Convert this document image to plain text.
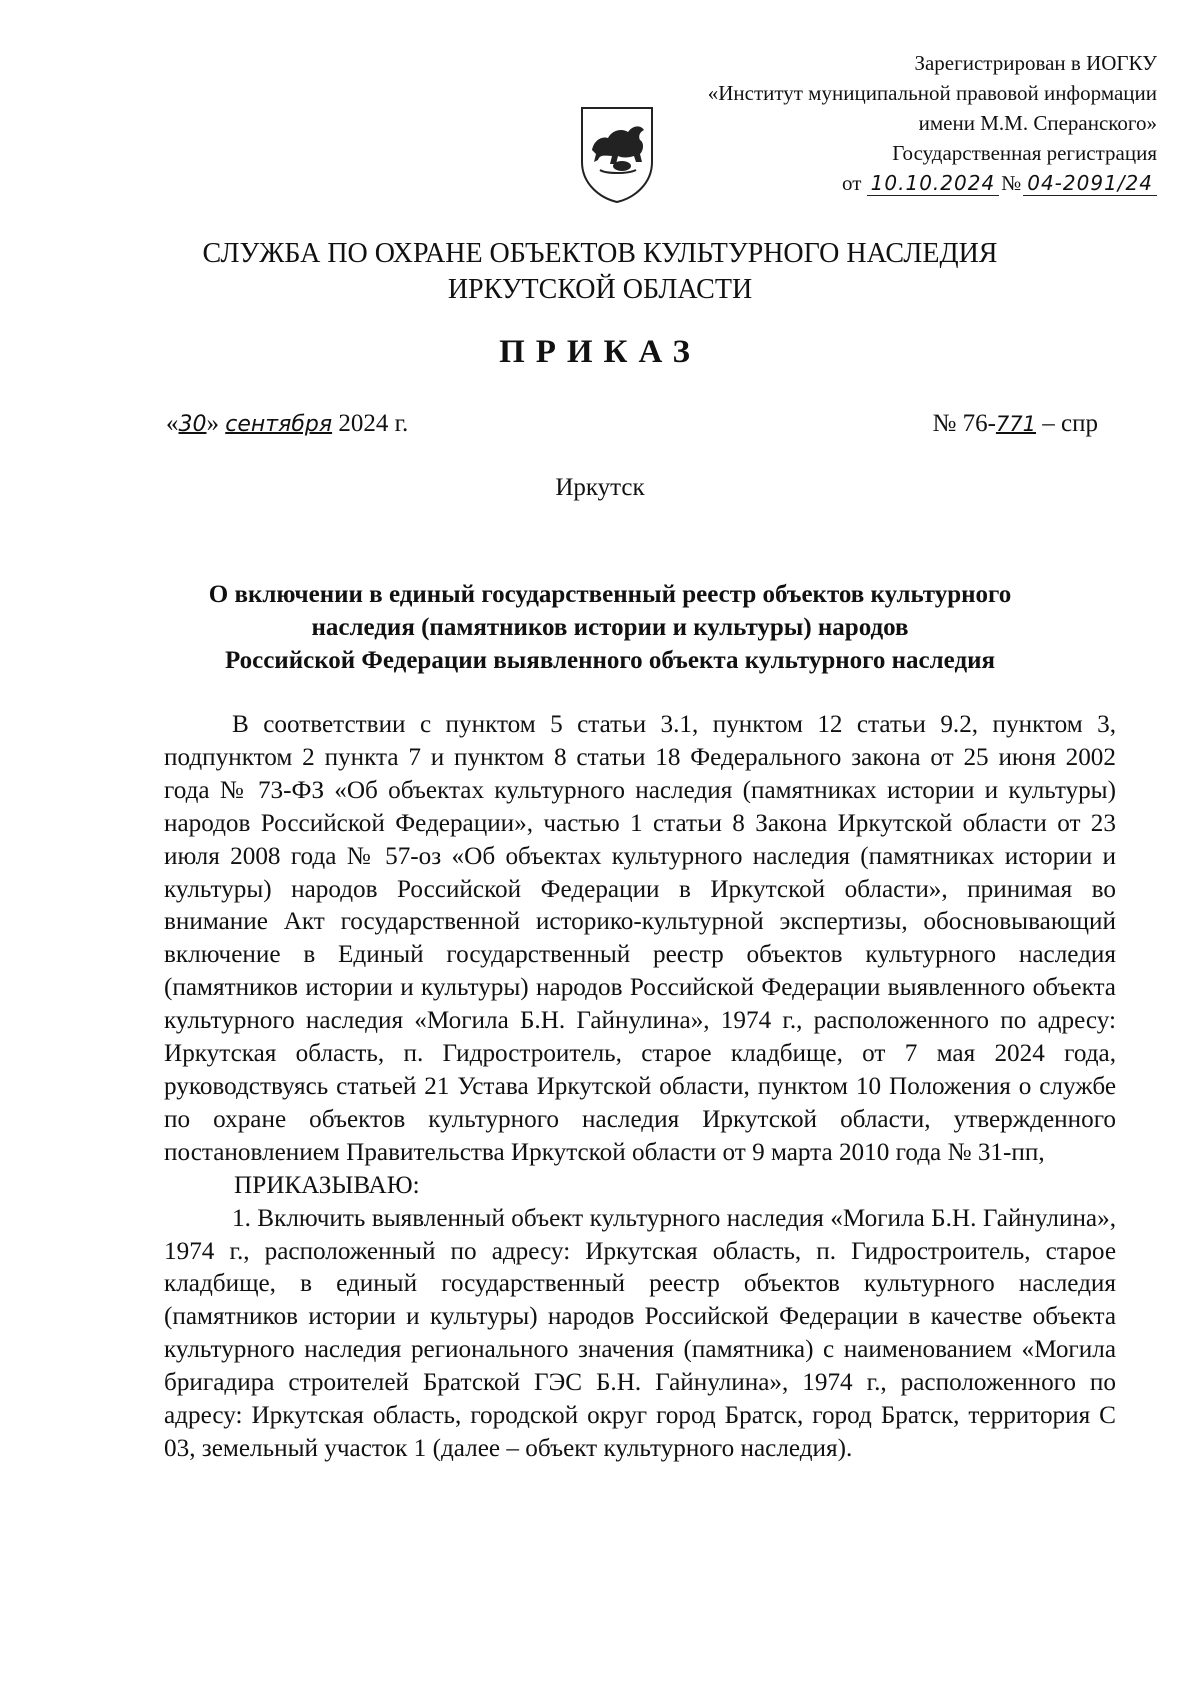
Зарегистрирован в ИОГКУ
«Институт муниципальной правовой информации
имени М.М. Сперанского»
Государственная регистрация
от 10.10.2024 № 04-2091/24
СЛУЖБА ПО ОХРАНЕ ОБЪЕКТОВ КУЛЬТУРНОГО НАСЛЕДИЯ
ИРКУТСКОЙ ОБЛАСТИ
ПРИКАЗ
«30» сентября 2024 г.	№ 76-771 – спр
Иркутск
О включении в единый государственный реестр объектов культурного
наследия (памятников истории и культуры) народов
Российской Федерации выявленного объекта культурного наследия

В соответствии с пунктом 5 статьи 3.1, пунктом 12 статьи 9.2, пунктом 3, подпунктом 2 пункта 7 и пунктом 8 статьи 18 Федерального закона от 25 июня 2002 года № 73-ФЗ «Об объектах культурного наследия (памятниках истории и культуры) народов Российской Федерации», частью 1 статьи 8 Закона Иркутской области от 23 июля 2008 года № 57-оз «Об объектах культурного наследия (памятниках истории и культуры) народов Российской Федерации в Иркутской области», принимая во внимание Акт государственной историко-культурной экспертизы, обосновывающий включение в Единый государственный реестр объектов культурного наследия (памятников истории и культуры) народов Российской Федерации выявленного объекта культурного наследия «Могила Б.Н. Гайнулина», 1974 г., расположенного по адресу: Иркутская область, п. Гидростроитель, старое кладбище, от 7 мая 2024 года, руководствуясь статьей 21 Устава Иркутской области, пунктом 10 Положения о службе по охране объектов культурного наследия Иркутской области, утвержденного постановлением Правительства Иркутской области от 9 марта 2010 года № 31-пп,

ПРИКАЗЫВАЮ:

1. Включить выявленный объект культурного наследия «Могила Б.Н. Гайнулина», 1974 г., расположенный по адресу: Иркутская область, п. Гидростроитель, старое кладбище, в единый государственный реестр объектов культурного наследия (памятников истории и культуры) народов Российской Федерации в качестве объекта культурного наследия регионального значения (памятника) с наименованием «Могила бригадира строителей Братской ГЭС Б.Н. Гайнулина», 1974 г., расположенного по адресу: Иркутская область, городской округ город Братск, город Братск, территория С 03, земельный участок 1 (далее – объект культурного наследия).
